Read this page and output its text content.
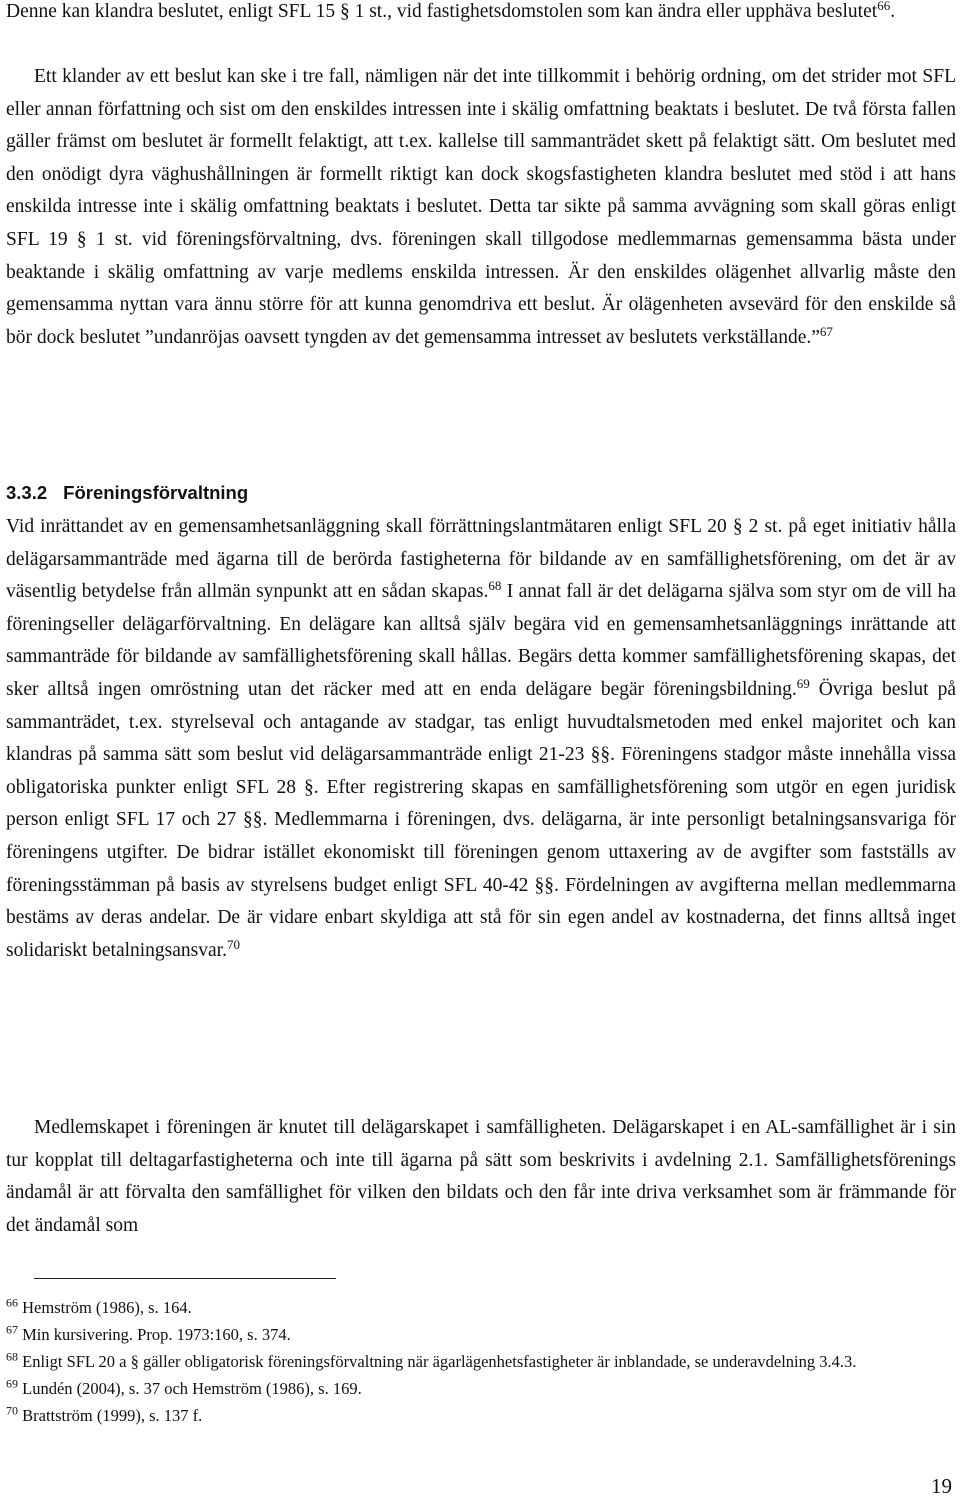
Denne kan klandra beslutet, enligt SFL 15 § 1 st., vid fastighetsdomstolen som kan ändra eller upphäva beslutet$^{66}$.

Ett klander av ett beslut kan ske i tre fall, nämligen när det inte tillkommit i behörig ordning, om det strider mot SFL eller annan författning och sist om den enskildes intressen inte i skälig omfattning beaktats i beslutet. De två första fallen gäller främst om beslutet är formellt felaktigt, att t.ex. kallelse till sammanträdet skett på felaktigt sätt. Om beslutet med den onödigt dyra väghushållningen är formellt riktigt kan dock skogsfastigheten klandra beslutet med stöd i att hans enskilda intresse inte i skälig omfattning beaktats i beslutet. Detta tar sikte på samma avvägning som skall göras enligt SFL 19 § 1 st. vid föreningsförvaltning, dvs. föreningen skall tillgodose medlemmarnas gemensamma bästa under beaktande i skälig omfattning av varje medlems enskilda intressen. Är den enskildes olägenhet allvarlig måste den gemensamma nyttan vara ännu större för att kunna genomdriva ett beslut. Är olägenheten avsevärd för den enskilde så bör dock beslutet ”undanröjas oavsett tyngden av det gemensamma intresset av beslutets verkställande.”$^{67}$

3.3.2 Föreningsförvaltning

Vid inrättandet av en gemensamhetsanläggning skall förrättningslantmätaren enligt SFL 20 § 2 st. på eget initiativ hålla delägarsammanträde med ägarna till de berörda fastigheterna för bildande av en samfällighetsförening, om det är av väsentlig betydelse från allmän synpunkt att en sådan skapas.$^{68}$ I annat fall är det delägarna själva som styr om de vill ha föreningseller delägarförvaltning. En delägare kan alltså själv begära vid en gemensamhetsanläggnings inrättande att sammanträde för bildande av samfällighetsförening skall hållas. Begärs detta kommer samfällighetsförening skapas, det sker alltså ingen omröstning utan det räcker med att en enda delägare begär föreningsbildning.$^{69}$ Övriga beslut på sammanträdet, t.ex. styrelseval och antagande av stadgar, tas enligt huvudtalsmetoden med enkel majoritet och kan klandras på samma sätt som beslut vid delägarsammanträde enligt 21-23 §§. Föreningens stadgor måste innehålla vissa obligatoriska punkter enligt SFL 28 §. Efter registrering skapas en samfällighetsförening som utgör en egen juridisk person enligt SFL 17 och 27 §§. Medlemmarna i föreningen, dvs. delägarna, är inte personligt betalningsansvariga för föreningens utgifter. De bidrar istället ekonomiskt till föreningen genom uttaxering av de avgifter som fastställs av föreningsstämman på basis av styrelsens budget enligt SFL 40-42 §§. Fördelningen av avgifterna mellan medlemmarna bestäms av deras andelar. De är vidare enbart skyldiga att stå för sin egen andel av kostnaderna, det finns alltså inget solidariskt betalningsansvar.$^{70}$

Medlemskapet i föreningen är knutet till delägarskapet i samfälligheten. Delägarskapet i en AL-samfällighet är i sin tur kopplat till deltagarfastigheterna och inte till ägarna på sätt som beskrivits i avdelning 2.1. Samfällighetsförenings ändamål är att förvalta den samfällighet för vilken den bildats och den får inte driva verksamhet som är främmande för det ändamål som

$^{66}$ Hemström (1986), s. 164.

$^{67}$ Min kursivering. Prop. 1973:160, s. 374.

$^{68}$ Enligt SFL 20 a § gäller obligatorisk föreningsförvaltning när ägarlägenhetsfastigheter är inblandade, se underavdelning 3.4.3.

$^{69}$ Lundén (2004), s. 37 och Hemström (1986), s. 169.

$^{70}$ Brattström (1999), s. 137 f.

19
